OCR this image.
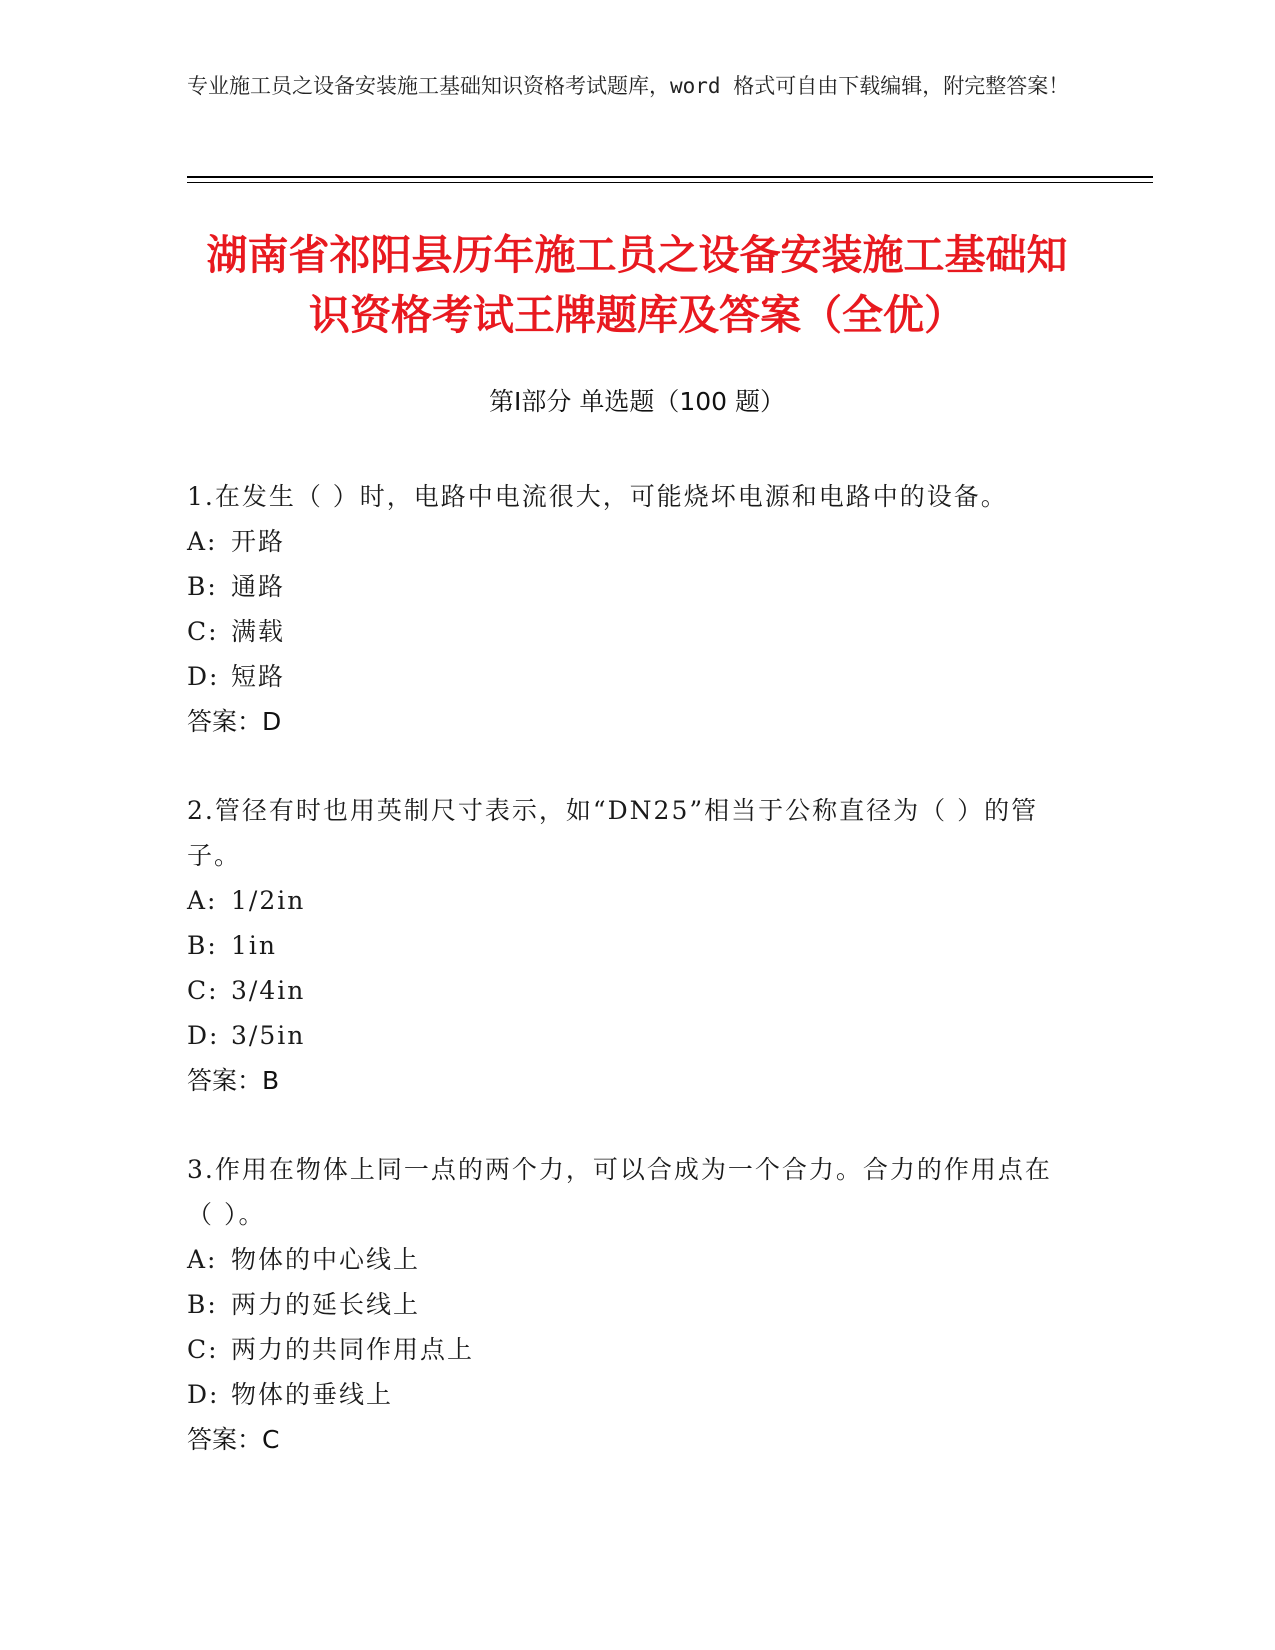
专业施工员之设备安装施工基础知识资格考试题库，word 格式可自由下载编辑，附完整答案！
湖南省祁阳县历年施工员之设备安装施工基础知识资格考试王牌题库及答案（全优）
第Ⅰ部分 单选题（100 题）
1.在发生（ ）时，电路中电流很大，可能烧坏电源和电路中的设备。
A: 开路
B: 通路
C: 满载
D: 短路
答案：D
2.管径有时也用英制尺寸表示，如“DN25”相当于公称直径为（ ）的管子。
A: 1/2in
B: 1in
C: 3/4in
D: 3/5in
答案：B
3.作用在物体上同一点的两个力，可以合成为一个合力。合力的作用点在（ ）。
A: 物体的中心线上
B: 两力的延长线上
C: 两力的共同作用点上
D: 物体的垂线上
答案：C
